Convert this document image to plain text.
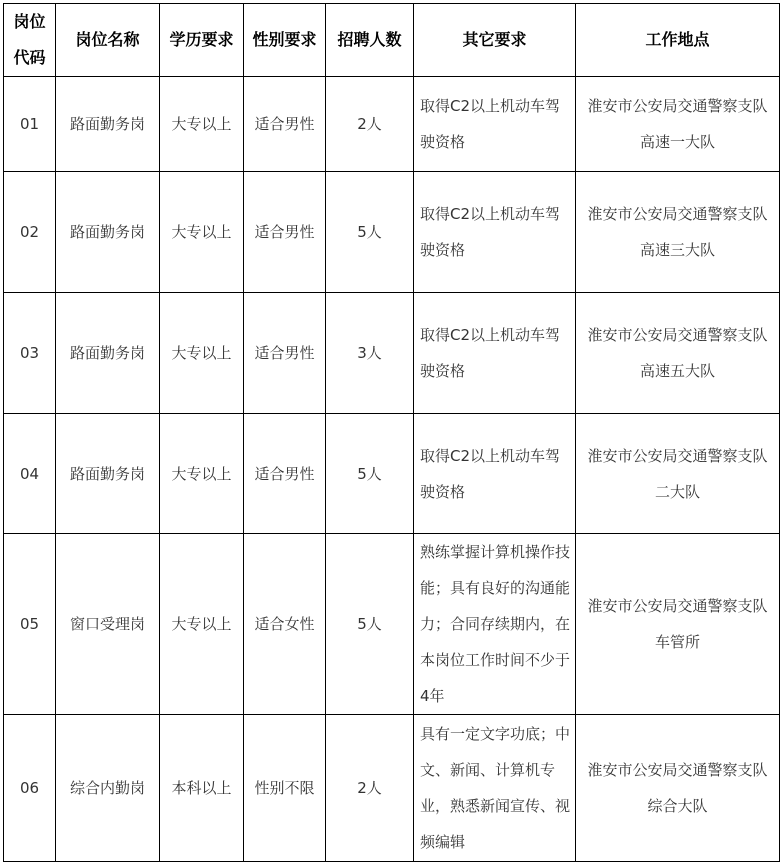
岗位代码	岗位名称	学历要求	性别要求	招聘人数	其它要求	工作地点
01	路面勤务岗	大专以上	适合男性	2人	取得C2以上机动车驾驶资格	淮安市公安局交通警察支队高速一大队
02	路面勤务岗	大专以上	适合男性	5人	取得C2以上机动车驾驶资格	淮安市公安局交通警察支队高速三大队
03	路面勤务岗	大专以上	适合男性	3人	取得C2以上机动车驾驶资格	淮安市公安局交通警察支队高速五大队
04	路面勤务岗	大专以上	适合男性	5人	取得C2以上机动车驾驶资格	淮安市公安局交通警察支队二大队
05	窗口受理岗	大专以上	适合女性	5人	熟练掌握计算机操作技能；具有良好的沟通能力；合同存续期内，在本岗位工作时间不少于4年	淮安市公安局交通警察支队车管所
06	综合内勤岗	本科以上	性别不限	2人	具有一定文字功底；中文、新闻、计算机专业，熟悉新闻宣传、视频编辑	淮安市公安局交通警察支队综合大队
